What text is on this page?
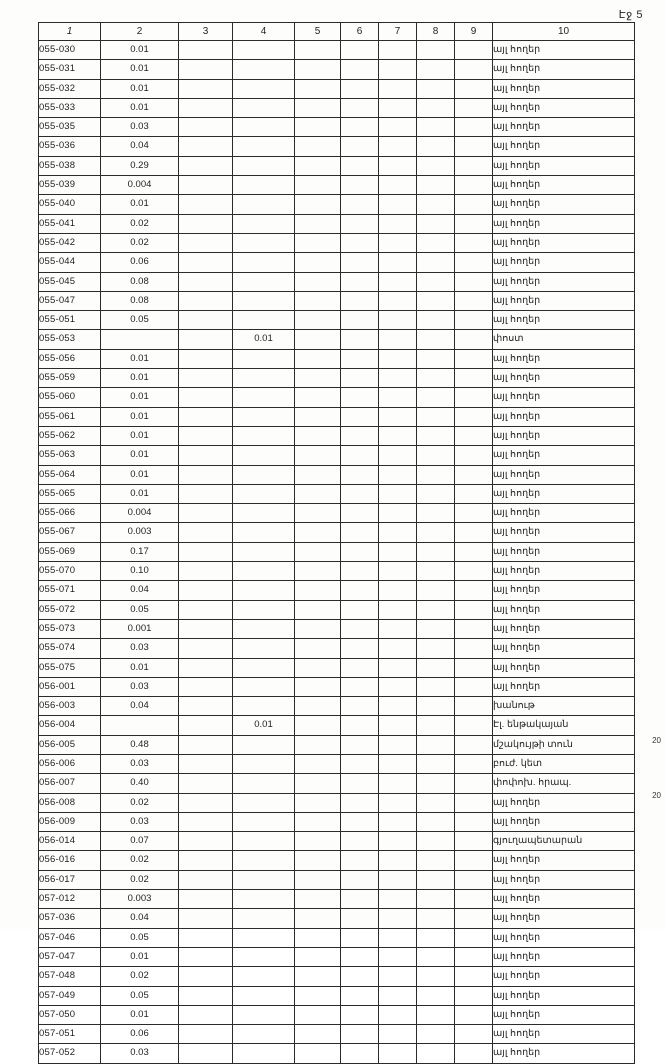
Էջ 5
1	2	3	4	5	6	7	8	9	10
055-030	0.01								այլ հողեր
055-031	0.01								այլ հողեր
055-032	0.01								այլ հողեր
055-033	0.01								այլ հողեր
055-035	0.03								այլ հողեր
055-036	0.04								այլ հողեր
055-038	0.29								այլ հողեր
055-039	0.004								այլ հողեր
055-040	0.01								այլ հողեր
055-041	0.02								այլ հողեր
055-042	0.02								այլ հողեր
055-044	0.06								այլ հողեր
055-045	0.08								այլ հողեր
055-047	0.08								այլ հողեր
055-051	0.05								այլ հողեր
055-053			0.01						փոստ
055-056	0.01								այլ հողեր
055-059	0.01								այլ հողեր
055-060	0.01								այլ հողեր
055-061	0.01								այլ հողեր
055-062	0.01								այլ հողեր
055-063	0.01								այլ հողեր
055-064	0.01								այլ հողեր
055-065	0.01								այլ հողեր
055-066	0.004								այլ հողեր
055-067	0.003								այլ հողեր
055-069	0.17								այլ հողեր
055-070	0.10								այլ հողեր
055-071	0.04								այլ հողեր
055-072	0.05								այլ հողեր
055-073	0.001								այլ հողեր
055-074	0.03								այլ հողեր
055-075	0.01								այլ հողեր
056-001	0.03								այլ հողեր
056-003	0.04								խանութ
056-004			0.01						Էլ. ենթակայան
056-005	0.48								մշակույթի տուն
056-006	0.03								բուժ. կետ
056-007	0.40								փոփոխ. հրապ.
056-008	0.02								այլ հողեր
056-009	0.03								այլ հողեր
056-014	0.07								գյուղապետարան
056-016	0.02								այլ հողեր
056-017	0.02								այլ հողեր
057-012	0.003								այլ հողեր
057-036	0.04								այլ հողեր
057-046	0.05								այլ հողեր
057-047	0.01								այլ հողեր
057-048	0.02								այլ հողեր
057-049	0.05								այլ հողեր
057-050	0.01								այլ հողեր
057-051	0.06								այլ հողեր
057-052	0.03								այլ հողեր
20
20
